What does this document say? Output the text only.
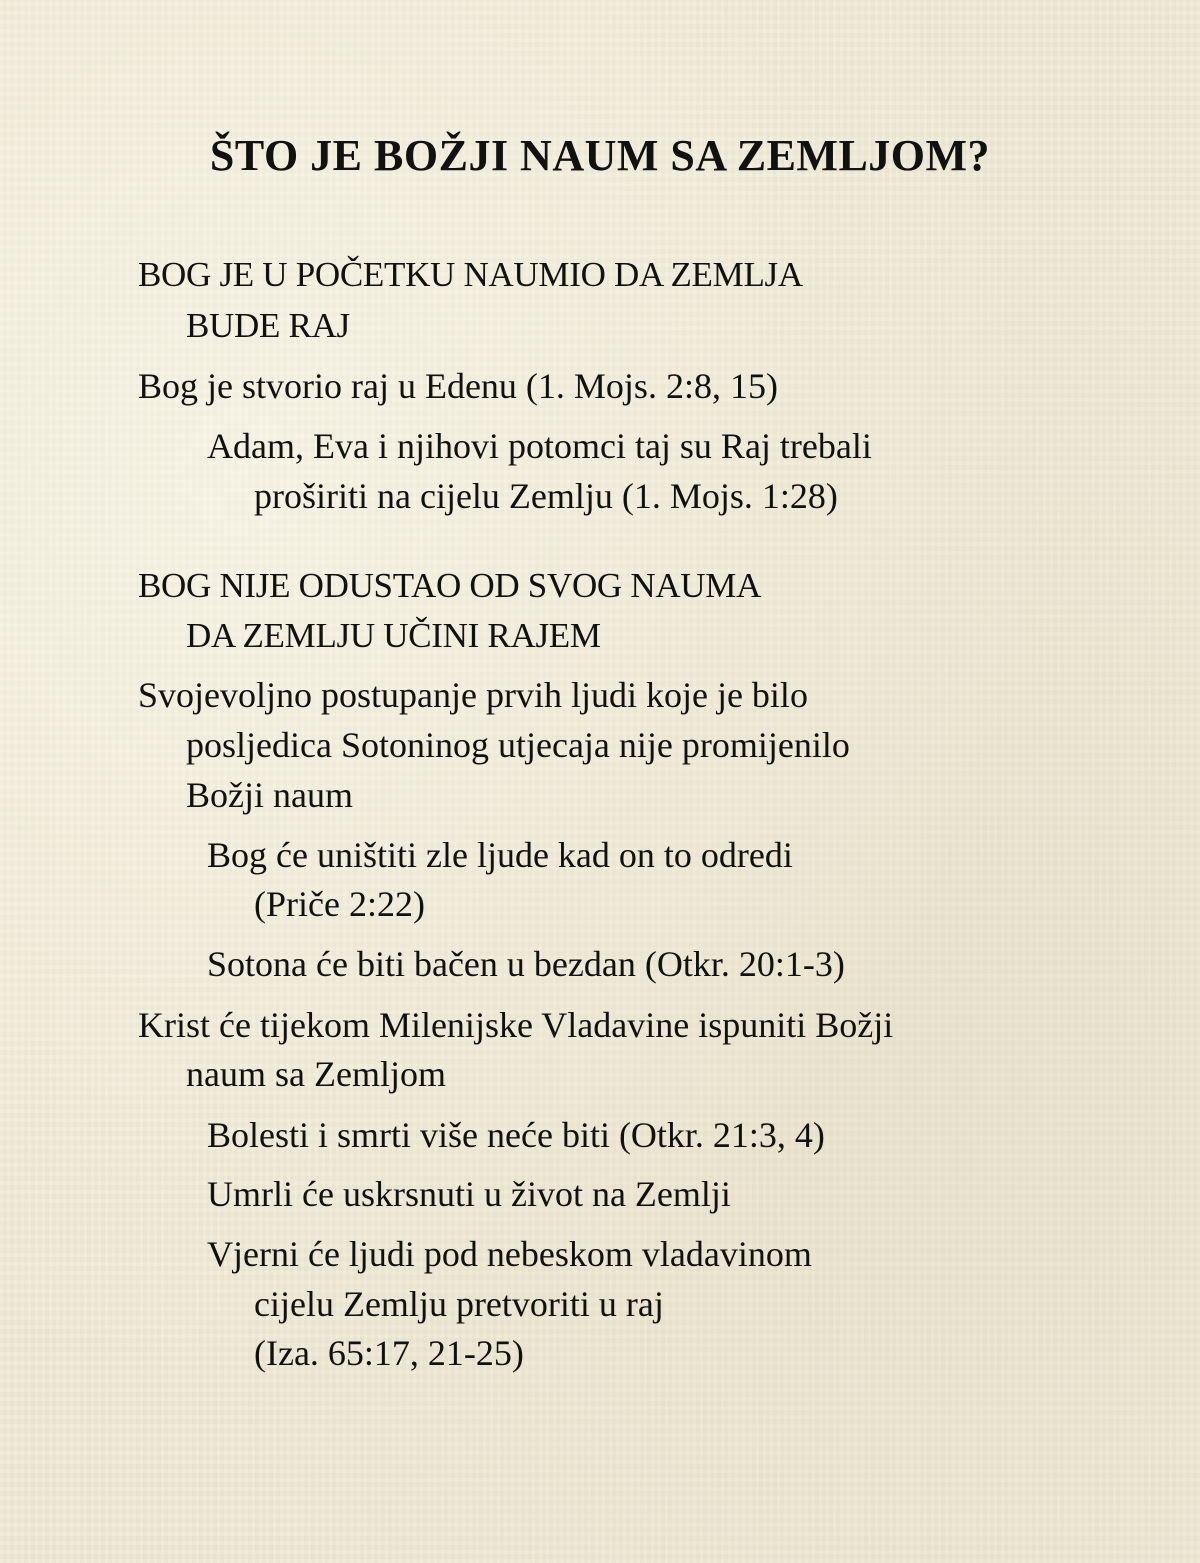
ŠTO JE BOŽJI NAUM SA ZEMLJOM?
BOG JE U POČETKU NAUMIO DA ZEMLJA
BUDE RAJ
Bog je stvorio raj u Edenu (1. Mojs. 2:8, 15)
Adam, Eva i njihovi potomci taj su Raj trebali
proširiti na cijelu Zemlju (1. Mojs. 1:28)
BOG NIJE ODUSTAO OD SVOG NAUMA
DA ZEMLJU UČINI RAJEM
Svojevoljno postupanje prvih ljudi koje je bilo
posljedica Sotoninog utjecaja nije promijenilo
Božji naum
Bog će uništiti zle ljude kad on to odredi
(Priče 2:22)
Sotona će biti bačen u bezdan (Otkr. 20:1-3)
Krist će tijekom Milenijske Vladavine ispuniti Božji
naum sa Zemljom
Bolesti i smrti više neće biti (Otkr. 21:3, 4)
Umrli će uskrsnuti u život na Zemlji
Vjerni će ljudi pod nebeskom vladavinom
cijelu Zemlju pretvoriti u raj
(Iza. 65:17, 21-25)
